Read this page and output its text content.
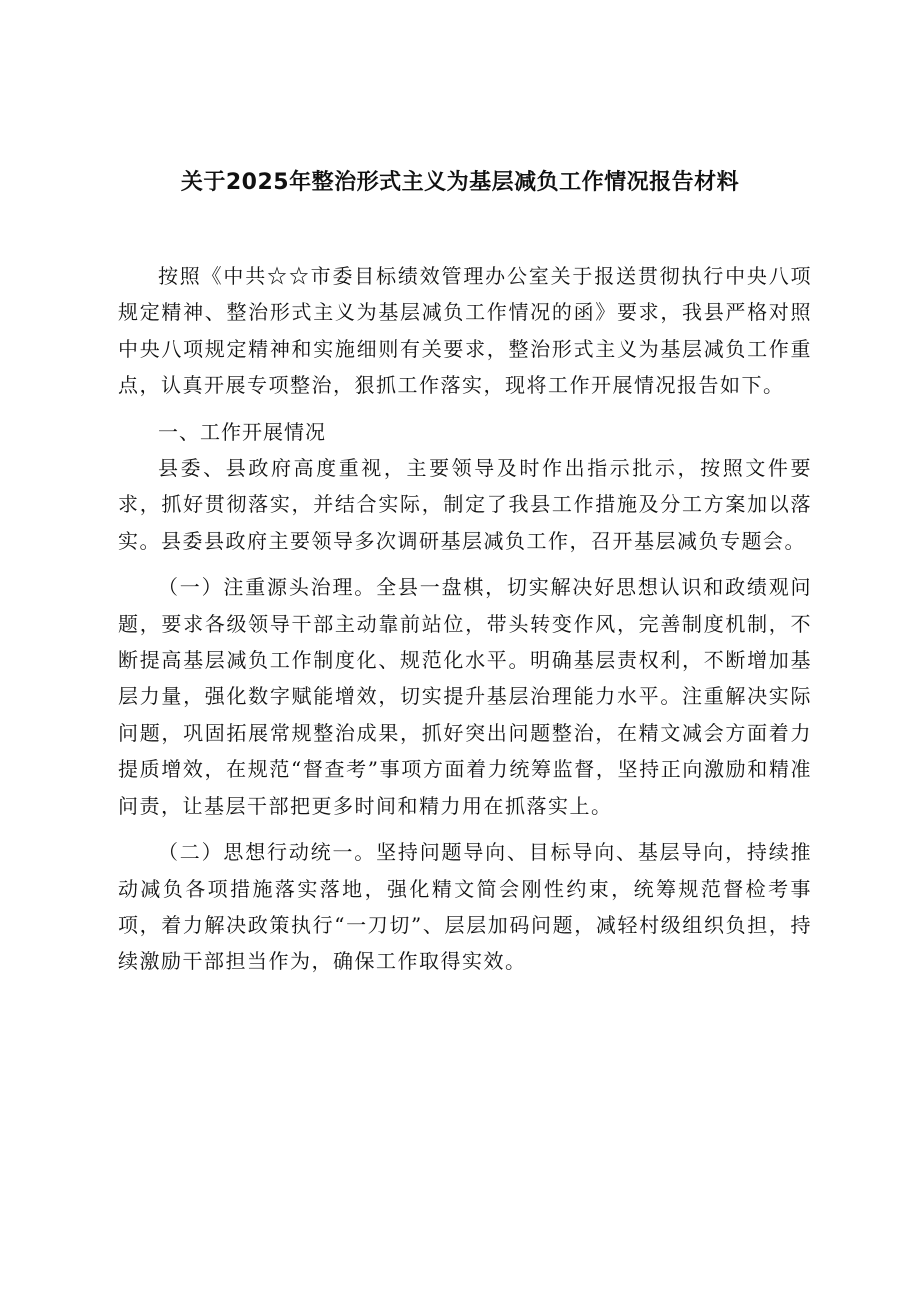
关于2025年整治形式主义为基层减负工作情况报告材料

按照《中共☆☆市委目标绩效管理办公室关于报送贯彻执行中央八项规定精神、整治形式主义为基层减负工作情况的函》要求，我县严格对照中央八项规定精神和实施细则有关要求，整治形式主义为基层减负工作重点，认真开展专项整治，狠抓工作落实，现将工作开展情况报告如下。

一、工作开展情况

县委、县政府高度重视，主要领导及时作出指示批示，按照文件要求，抓好贯彻落实，并结合实际，制定了我县工作措施及分工方案加以落实。县委县政府主要领导多次调研基层减负工作，召开基层减负专题会。

（一）注重源头治理。全县一盘棋，切实解决好思想认识和政绩观问题，要求各级领导干部主动靠前站位，带头转变作风，完善制度机制，不断提高基层减负工作制度化、规范化水平。明确基层责权利，不断增加基层力量，强化数字赋能增效，切实提升基层治理能力水平。注重解决实际问题，巩固拓展常规整治成果，抓好突出问题整治，在精文减会方面着力提质增效，在规范“督查考”事项方面着力统筹监督，坚持正向激励和精准问责，让基层干部把更多时间和精力用在抓落实上。

（二）思想行动统一。坚持问题导向、目标导向、基层导向，持续推动减负各项措施落实落地，强化精文简会刚性约束，统筹规范督检考事项，着力解决政策执行“一刀切”、层层加码问题，减轻村级组织负担，持续激励干部担当作为，确保工作取得实效。
